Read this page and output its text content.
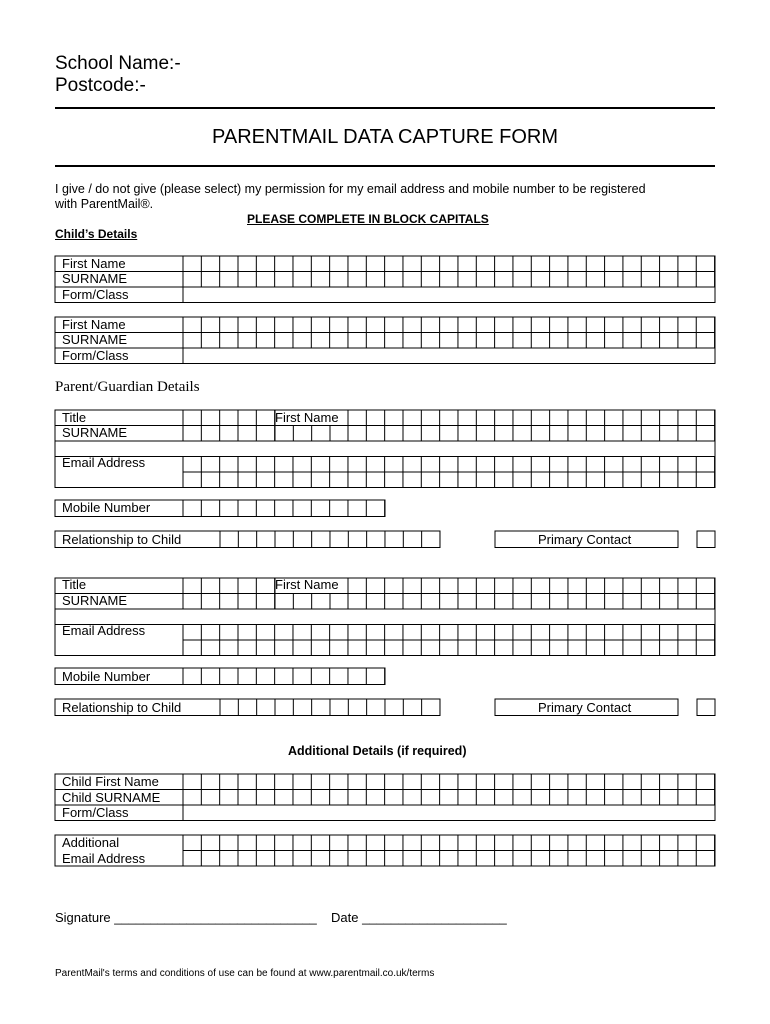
School Name:-
Postcode:-
PARENTMAIL DATA CAPTURE FORM
I give / do not give (please select) my permission for my email address and mobile number to be registered
with ParentMail®.
PLEASE COMPLETE IN BLOCK CAPITALS
Child’s Details
First Name
SURNAME
Form/Class
First Name
SURNAME
Form/Class
Parent/Guardian Details
Title	First Name
SURNAME
Email Address
Mobile Number
Relationship to Child	Primary Contact
Title	First Name
SURNAME
Email Address
Mobile Number
Relationship to Child	Primary Contact
Additional Details (if required)
Child First Name
Child SURNAME
Form/Class
Additional
Email Address
Signature ____________________________ Date ____________________
ParentMail's terms and conditions of use can be found at www.parentmail.co.uk/terms
